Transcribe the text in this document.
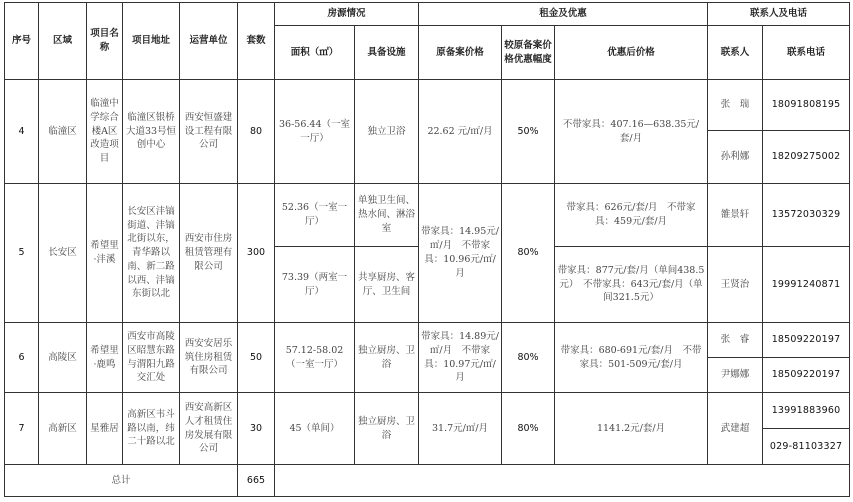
序号	区域	项目名称	项目地址	运营单位	套数	房源情况		租金及优惠			联系人及电话	
						面积（㎡）	具备设施	原备案价格	较原备案价格优惠幅度	优惠后价格	联系人	联系电话
4	临潼区	临潼中学综合楼A区改造项目	临潼区银桥大道33号恒创中心	西安恒盛建设工程有限公司	80	36-56.44（一室一厅）	独立卫浴	22.62 元/㎡/月	50%	不带家具：407.16—638.35元/套/月	张　瑞	18091808195
											孙利娜	18209275002
5	长安区	希望里·沣溪	长安区沣镐街道、沣镐北街以东，青华路以南、新二路以西、沣镐东街以北	西安市住房租赁管理有限公司	300	52.36（一室一厅）	单独卫生间、热水间、淋浴室	带家具：14.95元/㎡/月　不带家具：10.96元/㎡/月	80%	带家具：626元/套/月　不带家具：459元/套/月	雒景轩	13572030329
						73.39（两室一厅）	共享厨房、客厅、卫生间			带家具：877元/套/月（单间438.5元）　不带家具：643元/套/月（单间321.5元）	王贤治	19991240871
6	高陵区	希望里·鹿鸣	西安市高陵区昭慧东路与渭阳九路交汇处	西安安居乐筑住房租赁有限公司	50	57.12-58.02（一室一厅）	独立厨房、卫浴	带家具：14.89元/㎡/月　不带家具：10.97元/㎡/月	80%	带家具：680-691元/套/月　不带家具：501-509元/套/月	张　睿	18509220197
											尹娜娜	18509220197
7	高新区	星雅居	高新区韦斗路以南，纬二十路以北	西安高新区人才租赁住房发展有限公司	30	45（单间）	独立厨房、卫浴	31.7元/㎡/月	80%	1141.2元/套/月	武建超	13991883960
												029-81103327
总计					665							
